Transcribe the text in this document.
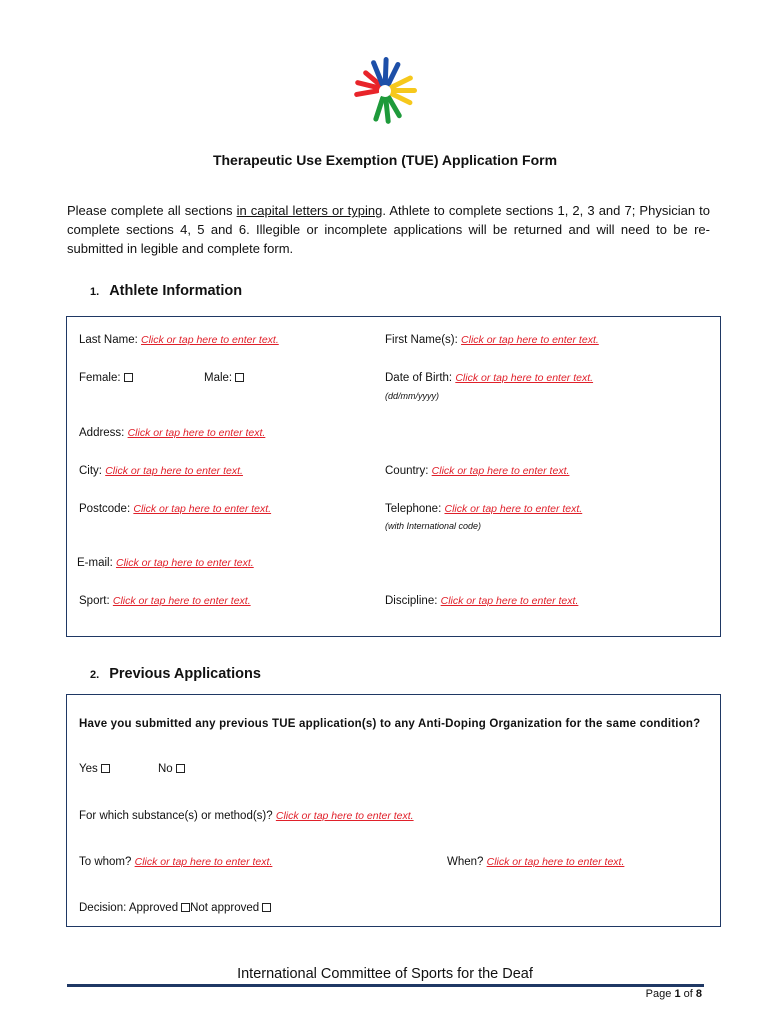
Therapeutic Use Exemption (TUE) Application Form
Please complete all sections in capital letters or typing. Athlete to complete sections 1, 2, 3 and 7; Physician to complete sections 4, 5 and 6. Illegible or incomplete applications will be returned and will need to be re-submitted in legible and complete form.
1. Athlete Information
Last Name: Click or tap here to enter text.	First Name(s): Click or tap here to enter text.
Female:	Male:	Date of Birth: Click or tap here to enter text.
(dd/mm/yyyy)
Address: Click or tap here to enter text.
City: Click or tap here to enter text.	Country: Click or tap here to enter text.
Postcode: Click or tap here to enter text.	Telephone: Click or tap here to enter text.
(with International code)
E-mail: Click or tap here to enter text.
Sport: Click or tap here to enter text.	Discipline: Click or tap here to enter text.
2. Previous Applications
Have you submitted any previous TUE application(s) to any Anti-Doping Organization for the same condition?
Yes	No
For which substance(s) or method(s)? Click or tap here to enter text.
To whom? Click or tap here to enter text.	When? Click or tap here to enter text.
Decision: Approved Not approved
International Committee of Sports for the Deaf
Page 1 of 8
